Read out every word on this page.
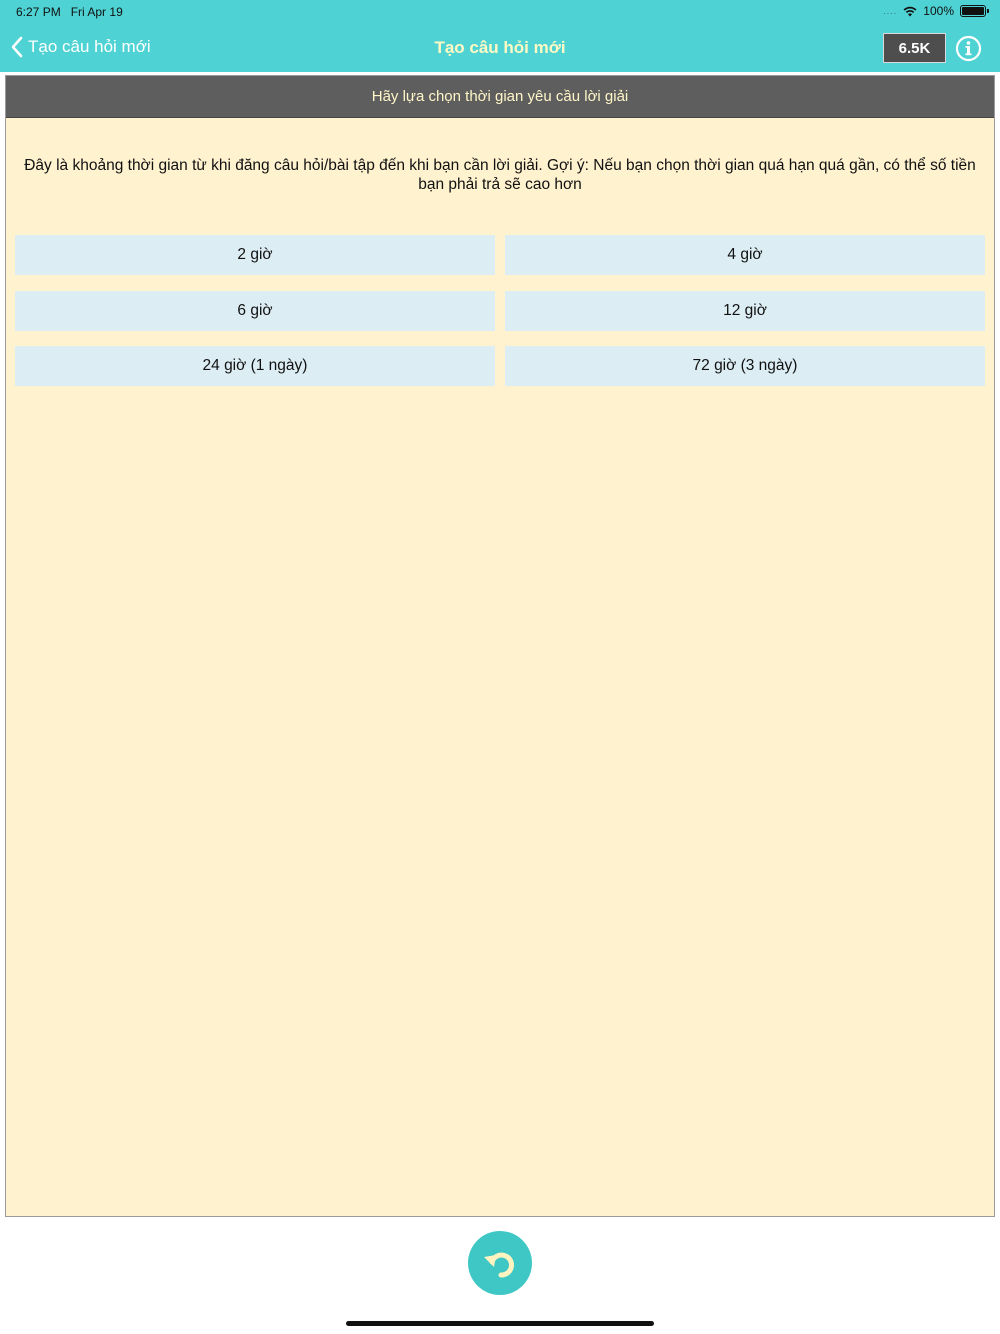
6:27 PM Fri Apr 19	.... 100%
Tạo câu hỏi mới	Tạo câu hỏi mới	6.5K
Hãy lựa chọn thời gian yêu cầu lời giải
Đây là khoảng thời gian từ khi đăng câu hỏi/bài tập đến khi bạn cần lời giải. Gợi ý: Nếu bạn chọn thời gian quá hạn quá gần, có thể số tiền
bạn phải trả sẽ cao hơn
2 giờ	4 giờ
6 giờ	12 giờ
24 giờ (1 ngày)	72 giờ (3 ngày)
